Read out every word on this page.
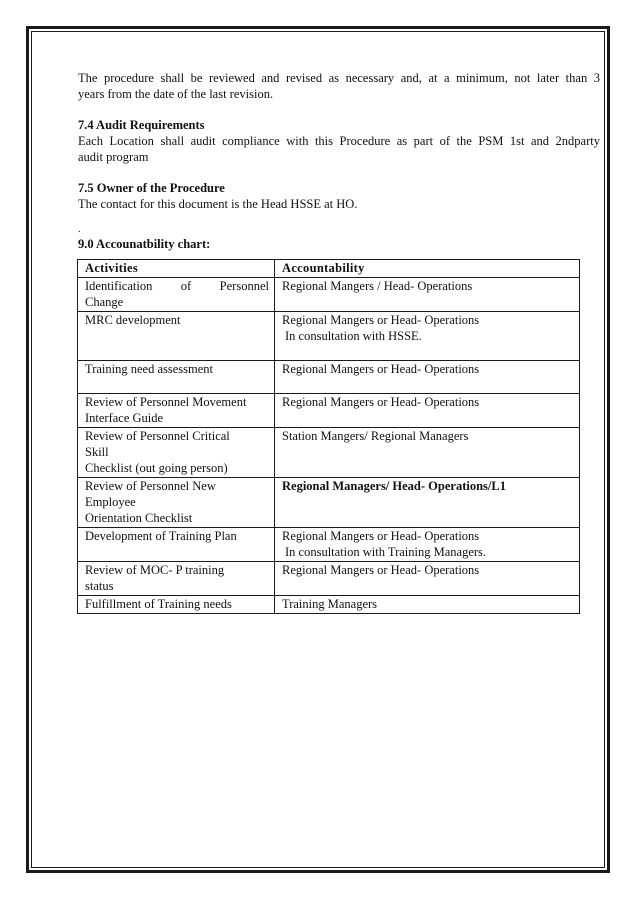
The procedure shall be reviewed and revised as necessary and, at a minimum, not later than 3

years from the date of the last revision.

7.4 Audit Requirements

Each Location shall audit compliance with this Procedure as part of the PSM 1st and 2ndparty

audit program

7.5 Owner of the Procedure

The contact for this document is the Head HSSE at HO.

.

9.0 Accounatbility chart:

Activities	Accountability

Identification of Personnel
Change	Regional Mangers / Head- Operations

MRC development	Regional Mangers or Head- Operations
In consultation with HSSE.

Training need assessment	Regional Mangers or Head- Operations

Review of Personnel Movement
Interface Guide	Regional Mangers or Head- Operations

Review of Personnel Critical
Skill
Checklist (out going person)	Station Mangers/ Regional Managers

Review of Personnel New
Employee
Orientation Checklist	Regional Managers/ Head- Operations/L1

Development of Training Plan	Regional Mangers or Head- Operations
In consultation with Training Managers.

Review of MOC- P training
status	Regional Mangers or Head- Operations

Fulfillment of Training needs	Training Managers
